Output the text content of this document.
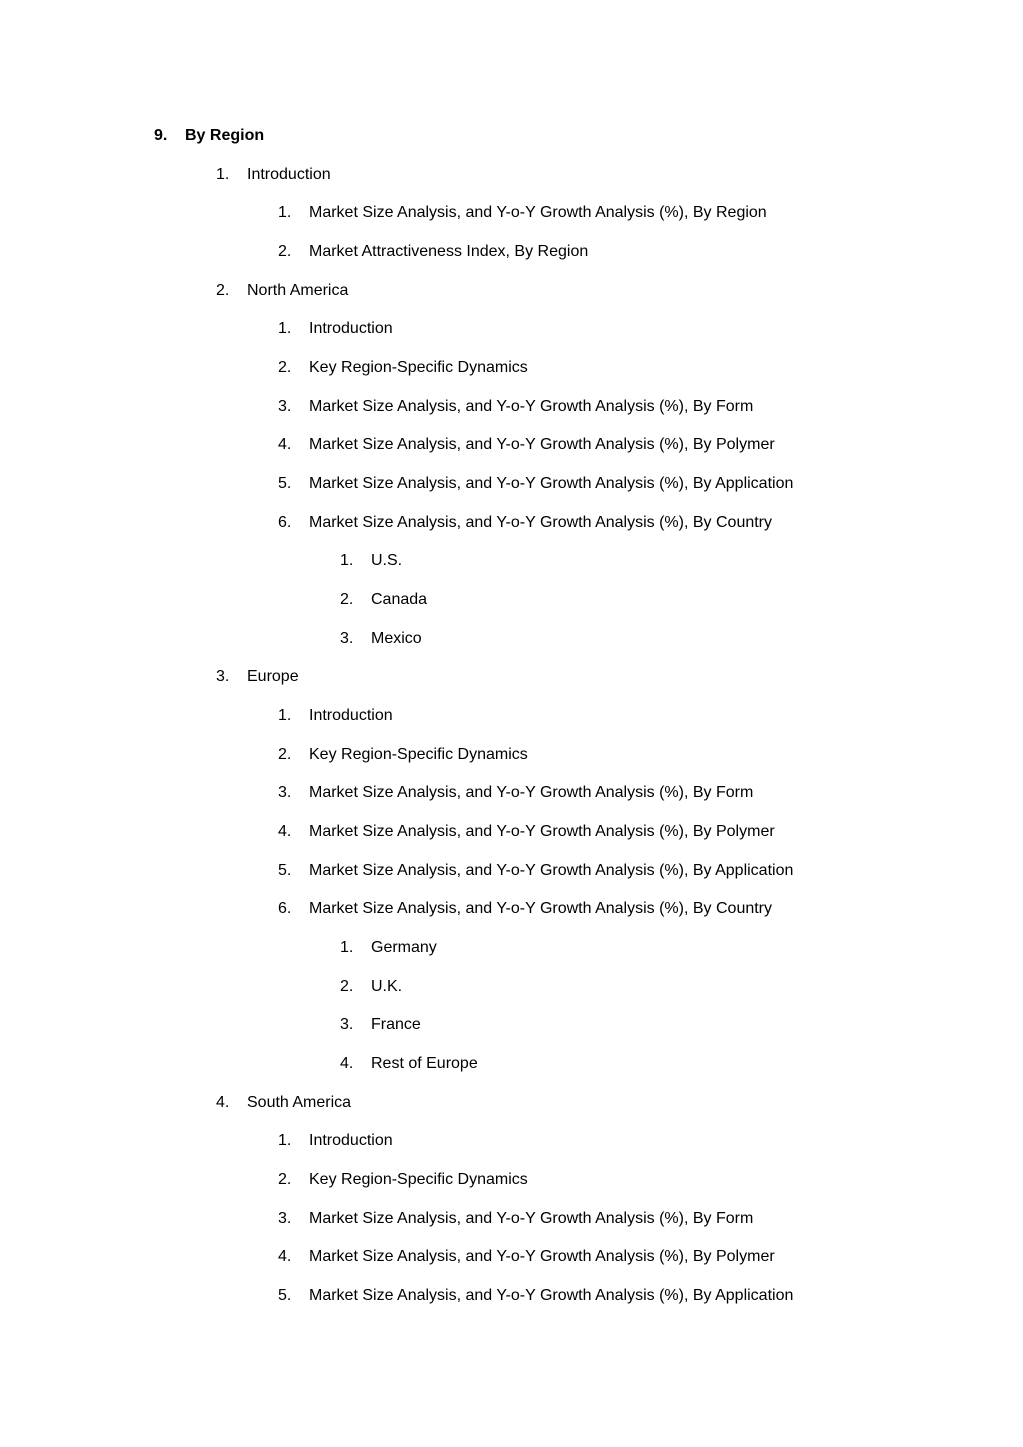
9. By Region
1. Introduction
1. Market Size Analysis, and Y-o-Y Growth Analysis (%), By Region
2. Market Attractiveness Index, By Region
2. North America
1. Introduction
2. Key Region-Specific Dynamics
3. Market Size Analysis, and Y-o-Y Growth Analysis (%), By Form
4. Market Size Analysis, and Y-o-Y Growth Analysis (%), By Polymer
5. Market Size Analysis, and Y-o-Y Growth Analysis (%), By Application
6. Market Size Analysis, and Y-o-Y Growth Analysis (%), By Country
1. U.S.
2. Canada
3. Mexico
3. Europe
1. Introduction
2. Key Region-Specific Dynamics
3. Market Size Analysis, and Y-o-Y Growth Analysis (%), By Form
4. Market Size Analysis, and Y-o-Y Growth Analysis (%), By Polymer
5. Market Size Analysis, and Y-o-Y Growth Analysis (%), By Application
6. Market Size Analysis, and Y-o-Y Growth Analysis (%), By Country
1. Germany
2. U.K.
3. France
4. Rest of Europe
4. South America
1. Introduction
2. Key Region-Specific Dynamics
3. Market Size Analysis, and Y-o-Y Growth Analysis (%), By Form
4. Market Size Analysis, and Y-o-Y Growth Analysis (%), By Polymer
5. Market Size Analysis, and Y-o-Y Growth Analysis (%), By Application
